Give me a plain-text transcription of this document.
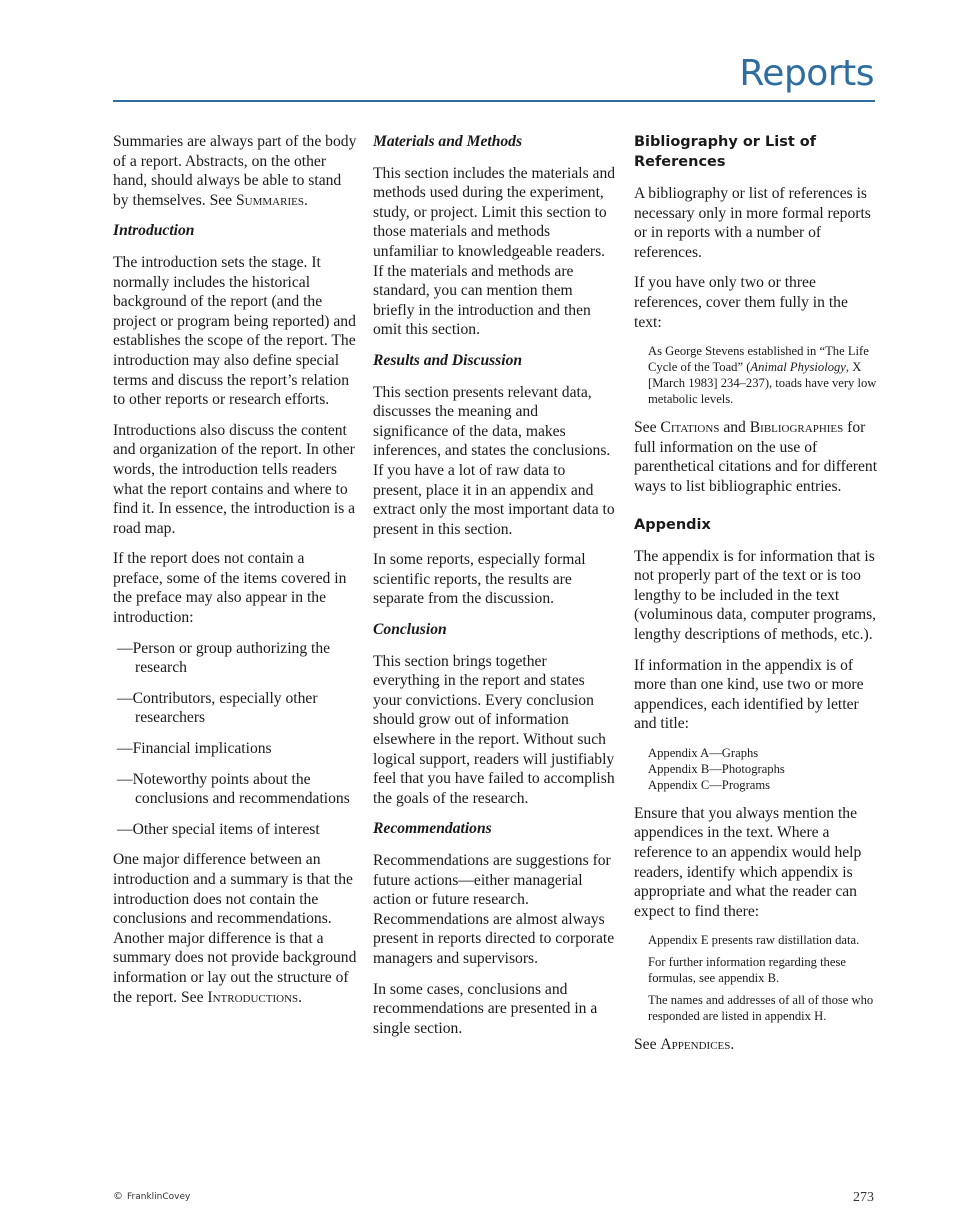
Reports

Summaries are always part of the body of a report. Abstracts, on the other hand, should always be able to stand by themselves. See Summaries.

Introduction

The introduction sets the stage. It normally includes the historical background of the report (and the project or program being reported) and establishes the scope of the report. The introduction may also define special terms and discuss the report’s relation to other reports or research efforts.

Introductions also discuss the content and organization of the report. In other words, the introduction tells readers what the report contains and where to find it. In essence, the introduction is a road map.

If the report does not contain a preface, some of the items covered in the preface may also appear in the introduction:

—Person or group authorizing the research
—Contributors, especially other researchers
—Financial implications
—Noteworthy points about the conclusions and recommendations
—Other special items of interest

One major difference between an introduction and a summary is that the introduction does not contain the conclusions and recommendations. Another major difference is that a summary does not provide background information or lay out the structure of the report. See Introductions.

Materials and Methods

This section includes the materials and methods used during the experiment, study, or project. Limit this section to those materials and methods unfamiliar to knowledgeable readers. If the materials and methods are standard, you can mention them briefly in the introduction and then omit this section.

Results and Discussion

This section presents relevant data, discusses the meaning and significance of the data, makes inferences, and states the conclusions. If you have a lot of raw data to present, place it in an appendix and extract only the most important data to present in this section.

In some reports, especially formal scientific reports, the results are separate from the discussion.

Conclusion

This section brings together everything in the report and states your convictions. Every conclusion should grow out of information elsewhere in the report. Without such logical support, readers will justifiably feel that you have failed to accomplish the goals of the research.

Recommendations

Recommendations are suggestions for future actions—either managerial action or future research. Recommendations are almost always present in reports directed to corporate managers and supervisors.

In some cases, conclusions and recommendations are presented in a single section.

Bibliography or List of References

A bibliography or list of references is necessary only in more formal reports or in reports with a number of references.

If you have only two or three references, cover them fully in the text:

As George Stevens established in “The Life Cycle of the Toad” (Animal Physiology, X [March 1983] 234–237), toads have very low metabolic levels.

See Citations and Bibliographies for full information on the use of parenthetical citations and for different ways to list bibliographic entries.

Appendix

The appendix is for information that is not properly part of the text or is too lengthy to be included in the text (voluminous data, computer programs, lengthy descriptions of methods, etc.).

If information in the appendix is of more than one kind, use two or more appendices, each identified by letter and title:

Appendix A—Graphs
Appendix B—Photographs
Appendix C—Programs

Ensure that you always mention the appendices in the text. Where a reference to an appendix would help readers, identify which appendix is appropriate and what the reader can expect to find there:

Appendix E presents raw distillation data.

For further information regarding these formulas, see appendix B.

The names and addresses of all of those who responded are listed in appendix H.

See Appendices.

© FranklinCovey	273
